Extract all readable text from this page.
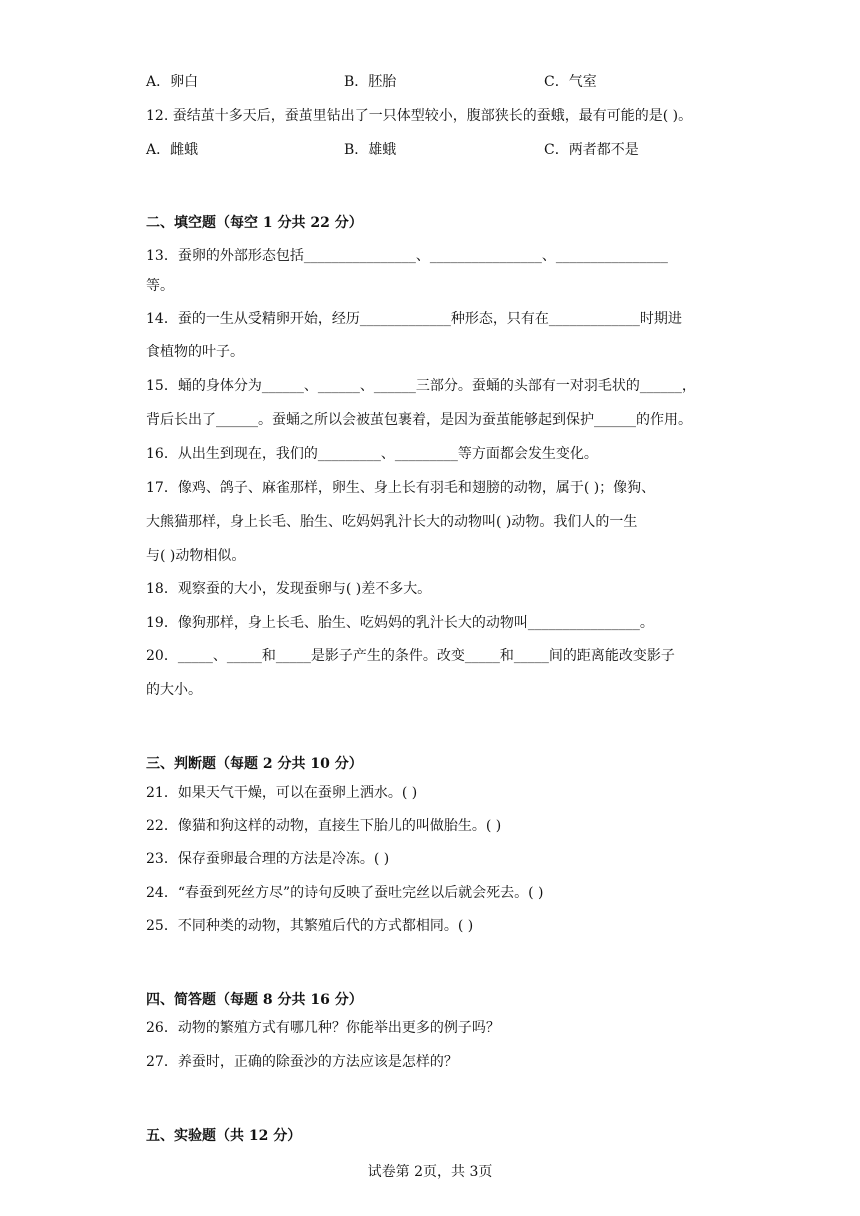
A．卵白	B．胚胎	C．气室
12. 蚕结茧十多天后，蚕茧里钻出了一只体型较小，腹部狭长的蚕蛾，最有可能的是( )。
A．雌蛾	B．雄蛾	C．两者都不是
二、填空题（每空 1 分共 22 分）
13．蚕卵的外部形态包括________________、________________、________________
等。
14．蚕的一生从受精卵开始，经历_____________种形态，只有在_____________时期进
食植物的叶子。
15．蛹的身体分为______、______、______三部分。蚕蛹的头部有一对羽毛状的______，
背后长出了______。蚕蛹之所以会被茧包裹着，是因为蚕茧能够起到保护______的作用。
16．从出生到现在，我们的_________、_________等方面都会发生变化。
17．像鸡、鸽子、麻雀那样，卵生、身上长有羽毛和翅膀的动物，属于( )；像狗、
大熊猫那样，身上长毛、胎生、吃妈妈乳汁长大的动物叫( )动物。我们人的一生
与( )动物相似。
18．观察蚕的大小，发现蚕卵与( )差不多大。
19．像狗那样，身上长毛、胎生、吃妈妈的乳汁长大的动物叫________________。
20．_____、_____和_____是影子产生的条件。改变_____和_____间的距离能改变影子
的大小。
三、判断题（每题 2 分共 10 分）
21．如果天气干燥，可以在蚕卵上洒水。( )
22．像猫和狗这样的动物，直接生下胎儿的叫做胎生。( )
23．保存蚕卵最合理的方法是冷冻。( )
24．“春蚕到死丝方尽”的诗句反映了蚕吐完丝以后就会死去。( )
25．不同种类的动物，其繁殖后代的方式都相同。( )
四、简答题（每题 8 分共 16 分）
26．动物的繁殖方式有哪几种？你能举出更多的例子吗？
27．养蚕时，正确的除蚕沙的方法应该是怎样的？
五、实验题（共 12 分）
试卷第 2页，共 3页
